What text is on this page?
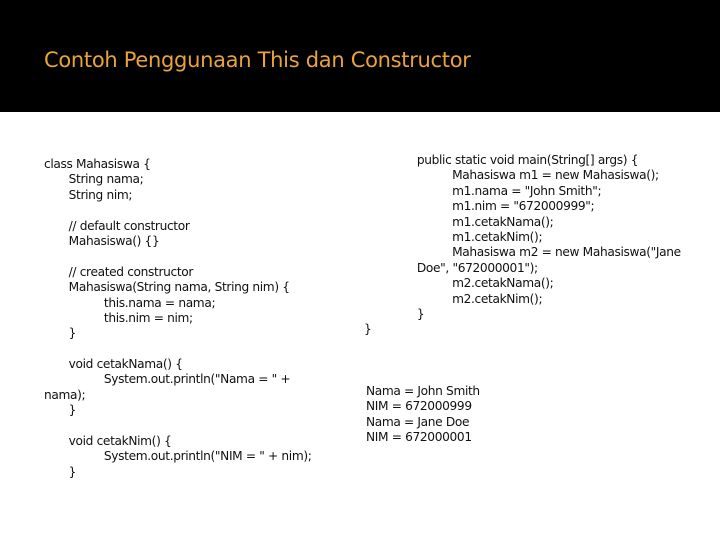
Contoh Penggunaan This dan Constructor
class Mahasiswa {
String nama;
String nim;
// default constructor
Mahasiswa() {}
// created constructor
Mahasiswa(String nama, String nim) {
this.nama = nama;
this.nim = nim;
}
void cetakNama() {
System.out.println("Nama = " +
nama);
}
void cetakNim() {
System.out.println("NIM = " + nim);
}
public static void main(String[] args) {
Mahasiswa m1 = new Mahasiswa();
m1.nama = "John Smith";
m1.nim = "672000999";
m1.cetakNama();
m1.cetakNim();
Mahasiswa m2 = new Mahasiswa("Jane
Doe", "672000001");
m2.cetakNama();
m2.cetakNim();
}
}
Nama = John Smith
NIM = 672000999
Nama = Jane Doe
NIM = 672000001
